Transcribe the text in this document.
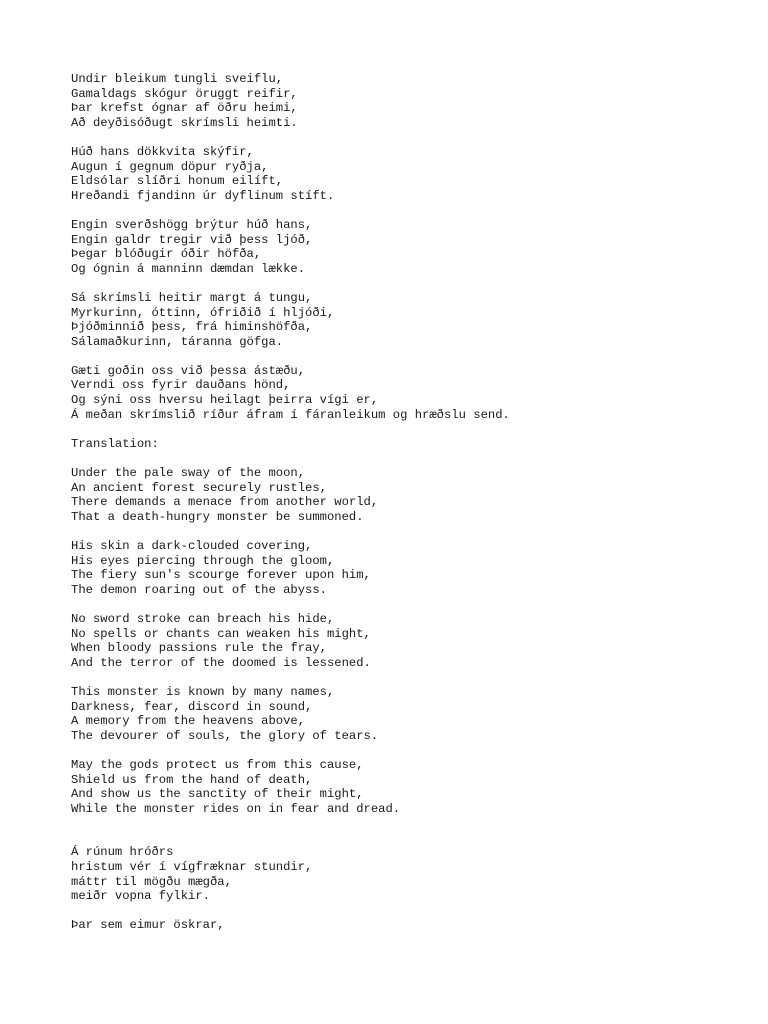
Undir bleikum tungli sveiflu,
Gamaldags skógur öruggt reifir,
Þar krefst ógnar af öðru heimi,
Að deyðisóðugt skrímsli heimti.
Húð hans dökkvita skýfir,
Augun í gegnum döpur ryðja,
Eldsólar slíðri honum eilíft,
Hreðandi fjandinn úr dyflinum stíft.
Engin sverðshögg brýtur húð hans,
Engin galdr tregir við þess ljóð,
Þegar blóðugir óðir höfða,
Og ógnin á manninn dæmdan lække.
Sá skrímsli heitir margt á tungu,
Myrkurinn, óttinn, ófriðið í hljóði,
Þjóðminnið þess, frá himinshöfða,
Sálamaðkurinn, táranna göfga.
Gæti goðin oss við þessa ástæðu,
Verndi oss fyrir dauðans hönd,
Og sýni oss hversu heilagt þeirra vígi er,
Á meðan skrímslið ríður áfram í fáranleikum og hræðslu send.
Translation:
Under the pale sway of the moon,
An ancient forest securely rustles,
There demands a menace from another world,
That a death-hungry monster be summoned.
His skin a dark-clouded covering,
His eyes piercing through the gloom,
The fiery sun's scourge forever upon him,
The demon roaring out of the abyss.
No sword stroke can breach his hide,
No spells or chants can weaken his might,
When bloody passions rule the fray,
And the terror of the doomed is lessened.
This monster is known by many names,
Darkness, fear, discord in sound,
A memory from the heavens above,
The devourer of souls, the glory of tears.
May the gods protect us from this cause,
Shield us from the hand of death,
And show us the sanctity of their might,
While the monster rides on in fear and dread.
Á rúnum hróðrs
hristum vér í vígfræknar stundir,
máttr til mögðu mægða,
meiðr vopna fylkir.
Þar sem eimur öskrar,
